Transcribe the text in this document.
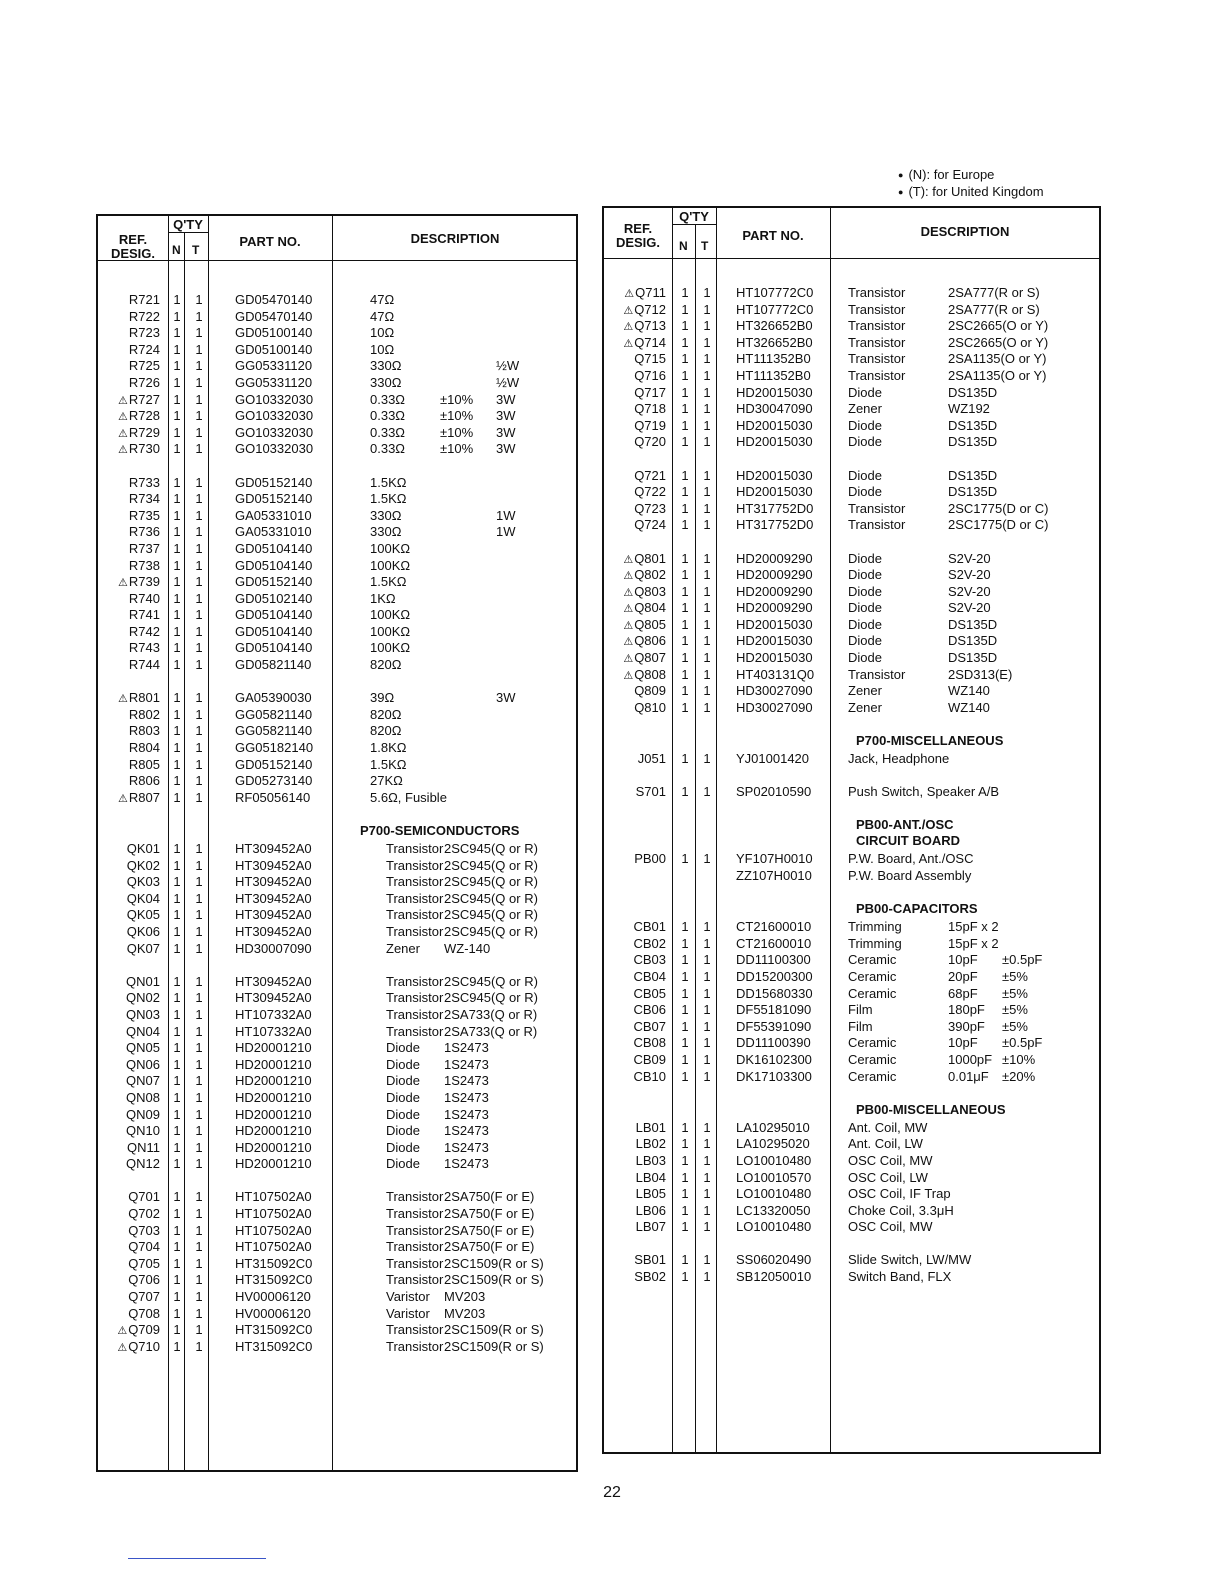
● (N): for Europe
● (T): for United Kingdom
REF.
DESIG.
Q'TY
N T
PART NO.	DESCRIPTION
R721 1 1 GD05470140	47Ω
R722 1 1 GD05470140	47Ω
R723 1 1 GD05100140	10Ω
R724 1 1 GD05100140	10Ω
R725 1 1 GG05331120	330Ω	½W
R726 1 1 GG05331120	330Ω	½W
⚠R727 1 1 GO10332030	0.33Ω	±10% 3W
⚠R728 1 1 GO10332030	0.33Ω	±10% 3W
⚠R729 1 1 GO10332030	0.33Ω	±10% 3W
⚠R730 1 1 GO10332030	0.33Ω	±10% 3W
R733 1 1 GD05152140	1.5KΩ
R734 1 1 GD05152140	1.5KΩ
R735 1 1 GA05331010	330Ω	1W
R736 1 1 GA05331010	330Ω	1W
R737 1 1 GD05104140	100KΩ
R738 1 1 GD05104140	100KΩ
⚠R739 1 1 GD05152140	1.5KΩ
R740 1 1 GD05102140	1KΩ
R741 1 1 GD05104140	100KΩ
R742 1 1 GD05104140	100KΩ
R743 1 1 GD05104140	100KΩ
R744 1 1 GD05821140	820Ω
⚠R801 1 1 GA05390030	39Ω	3W
R802 1 1 GG05821140	820Ω
R803 1 1 GG05821140	820Ω
R804 1 1 GG05182140	1.8KΩ
R805 1 1 GD05152140	1.5KΩ
R806 1 1 GD05273140	27KΩ
⚠R807 1 1 RF05056140	5.6Ω, Fusible
P700-SEMICONDUCTORS
QK01 1 1 HT309452A0	Transistor 2SC945(Q or R)
QK02 1 1 HT309452A0	Transistor 2SC945(Q or R)
QK03 1 1 HT309452A0	Transistor 2SC945(Q or R)
QK04 1 1 HT309452A0	Transistor 2SC945(Q or R)
QK05 1 1 HT309452A0	Transistor 2SC945(Q or R)
QK06 1 1 HT309452A0	Transistor 2SC945(Q or R)
QK07 1 1 HD30007090	Zener WZ-140
QN01 1 1 HT309452A0	Transistor 2SC945(Q or R)
QN02 1 1 HT309452A0	Transistor 2SC945(Q or R)
QN03 1 1 HT107332A0	Transistor 2SA733(Q or R)
QN04 1 1 HT107332A0	Transistor 2SA733(Q or R)
QN05 1 1 HD20001210	Diode 1S2473
QN06 1 1 HD20001210	Diode 1S2473
QN07 1 1 HD20001210	Diode 1S2473
QN08 1 1 HD20001210	Diode 1S2473
QN09 1 1 HD20001210	Diode 1S2473
QN10 1 1 HD20001210	Diode 1S2473
QN11 1 1 HD20001210	Diode 1S2473
QN12 1 1 HD20001210	Diode 1S2473
Q701 1 1 HT107502A0	Transistor 2SA750(F or E)
Q702 1 1 HT107502A0	Transistor 2SA750(F or E)
Q703 1 1 HT107502A0	Transistor 2SA750(F or E)
Q704 1 1 HT107502A0	Transistor 2SA750(F or E)
Q705 1 1 HT315092C0	Transistor 2SC1509(R or S)
Q706 1 1 HT315092C0	Transistor 2SC1509(R or S)
Q707 1 1 HV00006120	Varistor MV203
Q708 1 1 HV00006120	Varistor MV203
⚠Q709 1 1 HT315092C0	Transistor 2SC1509(R or S)
⚠Q710 1 1 HT315092C0	Transistor 2SC1509(R or S)
REF.
DESIG.
Q'TY
N T
PART NO.	DESCRIPTION
⚠Q711 1 1 HT107772C0	Transistor	2SA777(R or S)
⚠Q712 1 1 HT107772C0	Transistor	2SA777(R or S)
⚠Q713 1 1 HT326652B0	Transistor	2SC2665(O or Y)
⚠Q714 1 1 HT326652B0	Transistor	2SC2665(O or Y)
Q715 1 1 HT111352B0	Transistor	2SA1135(O or Y)
Q716 1 1 HT111352B0	Transistor	2SA1135(O or Y)
Q717 1 1 HD20015030	Diode	DS135D
Q718 1 1 HD30047090	Zener	WZ192
Q719 1 1 HD20015030	Diode	DS135D
Q720 1 1 HD20015030	Diode	DS135D
Q721 1 1 HD20015030	Diode	DS135D
Q722 1 1 HD20015030	Diode	DS135D
Q723 1 1 HT317752D0	Transistor	2SC1775(D or C)
Q724 1 1 HT317752D0	Transistor	2SC1775(D or C)
⚠Q801 1 1 HD20009290	Diode	S2V-20
⚠Q802 1 1 HD20009290	Diode	S2V-20
⚠Q803 1 1 HD20009290	Diode	S2V-20
⚠Q804 1 1 HD20009290	Diode	S2V-20
⚠Q805 1 1 HD20015030	Diode	DS135D
⚠Q806 1 1 HD20015030	Diode	DS135D
⚠Q807 1 1 HD20015030	Diode	DS135D
⚠Q808 1 1 HT403131Q0	Transistor	2SD313(E)
Q809 1 1 HD30027090	Zener	WZ140
Q810 1 1 HD30027090	Zener	WZ140
P700-MISCELLANEOUS
J051 1 1 YJ01001420	Jack, Headphone
S701 1 1 SP02010590	Push Switch, Speaker A/B
PB00-ANT./OSC
CIRCUIT BOARD
PB00 1 1 YF107H0010	P.W. Board, Ant./OSC
ZZ107H0010	P.W. Board Assembly
PB00-CAPACITORS
CB01 1 1 CT21600010	Trimming	15pF x 2
CB02 1 1 CT21600010	Trimming	15pF x 2
CB03 1 1 DD11100300	Ceramic	10pF ±0.5pF
CB04 1 1 DD15200300	Ceramic	20pF ±5%
CB05 1 1 DD15680330	Ceramic	68pF ±5%
CB06 1 1 DF55181090	Film	180pF ±5%
CB07 1 1 DF55391090	Film	390pF ±5%
CB08 1 1 DD11100390	Ceramic	10pF ±0.5pF
CB09 1 1 DK16102300	Ceramic	1000pF ±10%
CB10 1 1 DK17103300	Ceramic	0.01μF ±20%
PB00-MISCELLANEOUS
LB01 1 1 LA10295010	Ant. Coil, MW
LB02 1 1 LA10295020	Ant. Coil, LW
LB03 1 1 LO10010480	OSC Coil, MW
LB04 1 1 LO10010570	OSC Coil, LW
LB05 1 1 LO10010480	OSC Coil, IF Trap
LB06 1 1 LC13320050	Choke Coil, 3.3μH
LB07 1 1 LO10010480	OSC Coil, MW
SB01 1 1 SS06020490	Slide Switch, LW/MW
SB02 1 1 SB12050010	Switch Band, FLX
22
